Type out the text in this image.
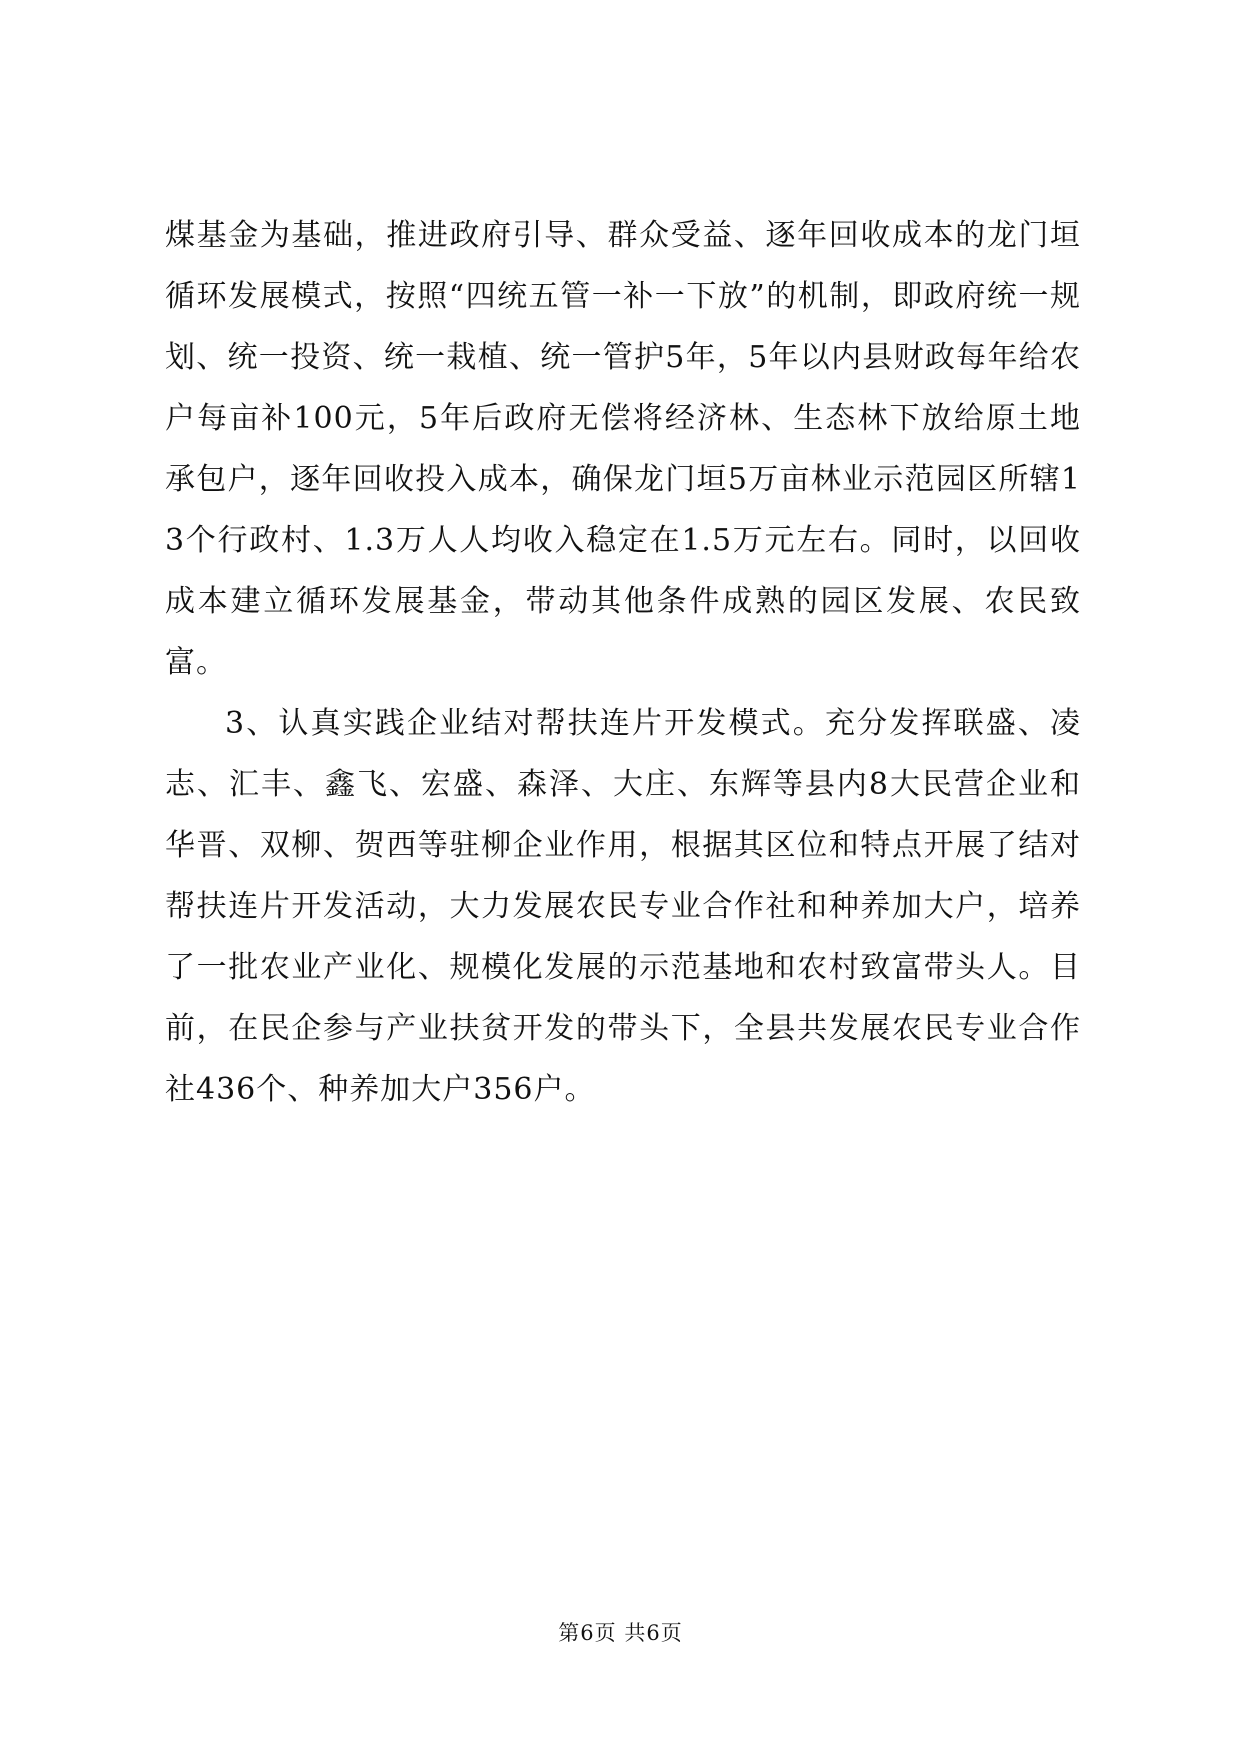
煤基金为基础，推进政府引导、群众受益、逐年回收成本的龙门垣循环发展模式，按照“四统五管一补一下放”的机制，即政府统一规划、统一投资、统一栽植、统一管护5年，5年以内县财政每年给农户每亩补100元，5年后政府无偿将经济林、生态林下放给原土地承包户，逐年回收投入成本，确保龙门垣5万亩林业示范园区所辖13个行政村、1.3万人人均收入稳定在1.5万元左右。同时，以回收成本建立循环发展基金，带动其他条件成熟的园区发展、农民致富。

3、认真实践企业结对帮扶连片开发模式。充分发挥联盛、凌志、汇丰、鑫飞、宏盛、森泽、大庄、东辉等县内8大民营企业和华晋、双柳、贺西等驻柳企业作用，根据其区位和特点开展了结对帮扶连片开发活动，大力发展农民专业合作社和种养加大户，培养了一批农业产业化、规模化发展的示范基地和农村致富带头人。目前，在民企参与产业扶贫开发的带头下，全县共发展农民专业合作社436个、种养加大户356户。

第6页 共6页
